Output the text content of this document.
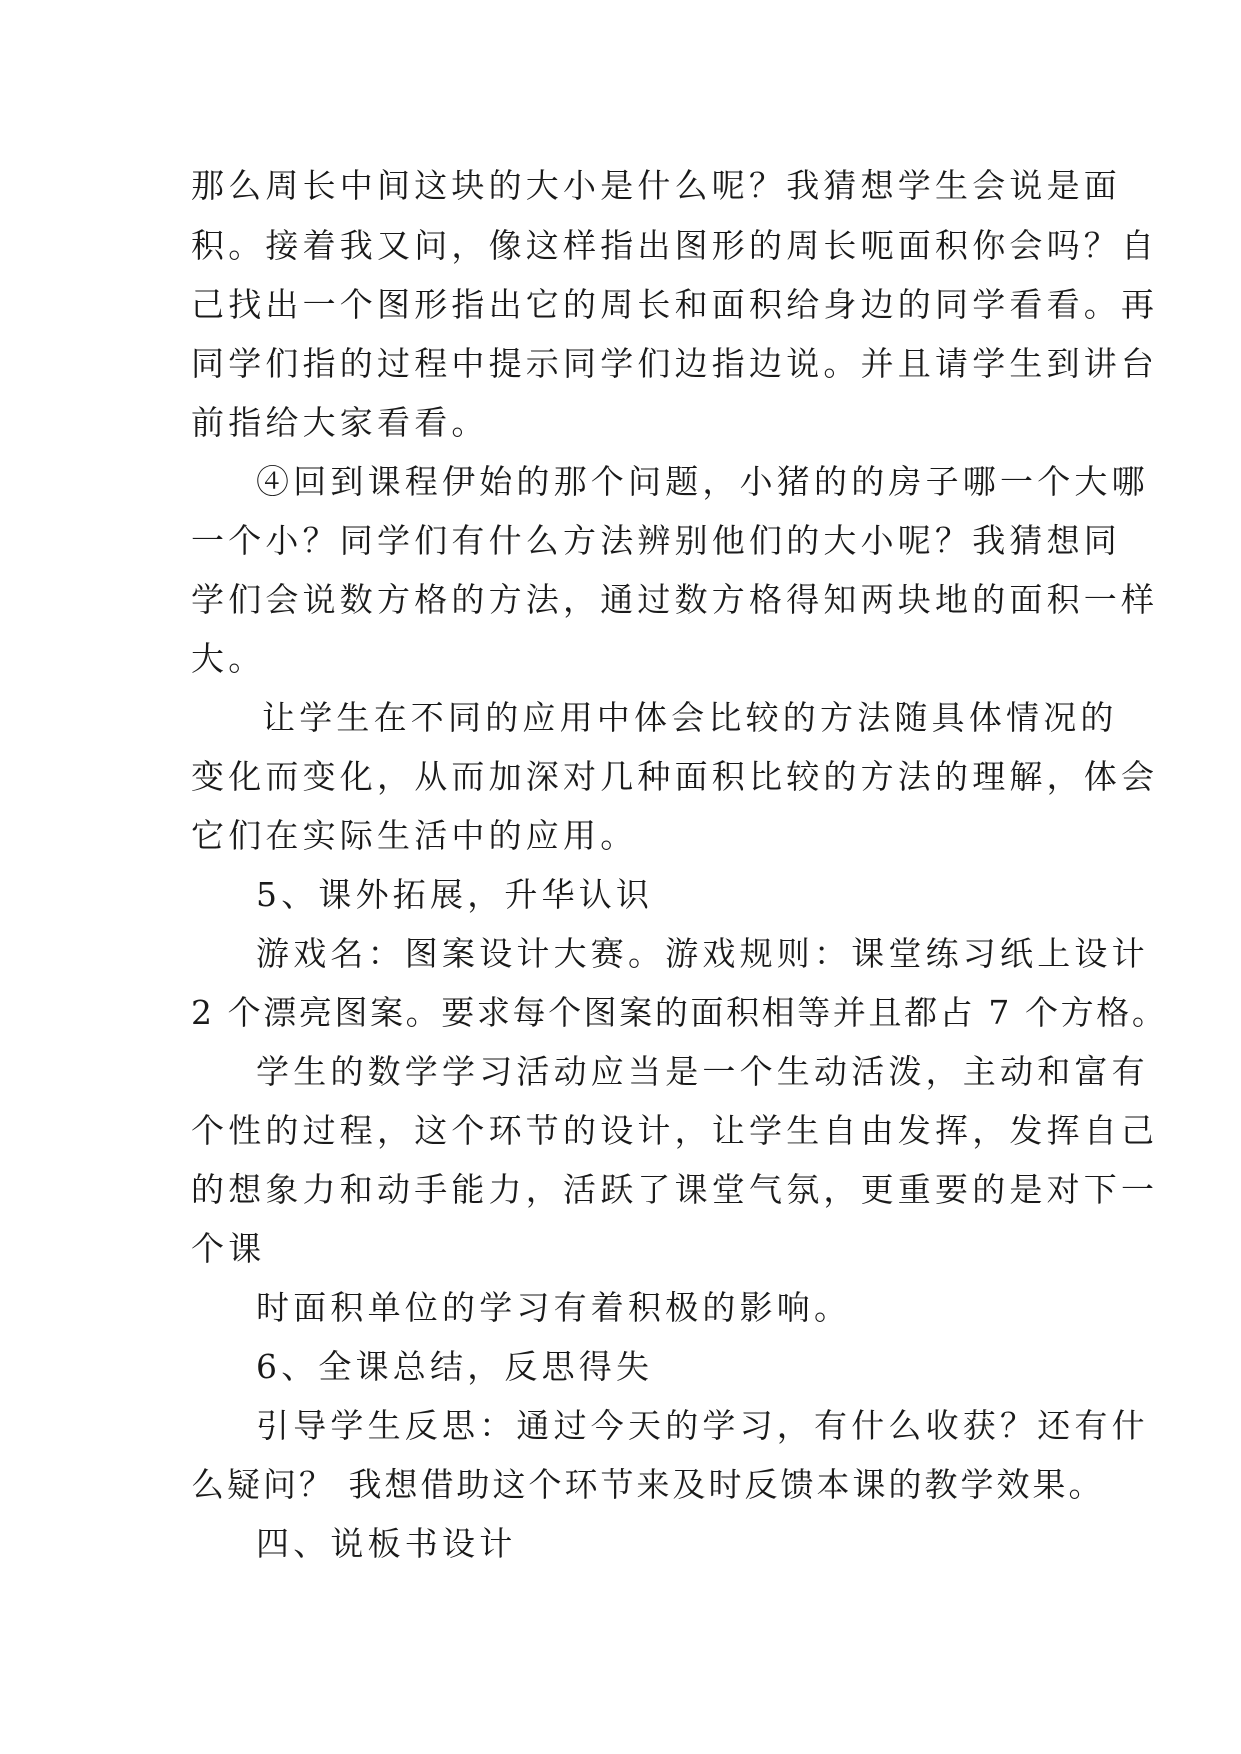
那么周长中间这块的大小是什么呢？我猜想学生会说是面
积。接着我又问，像这样指出图形的周长呃面积你会吗？自
己找出一个图形指出它的周长和面积给身边的同学看看。再
同学们指的过程中提示同学们边指边说。并且请学生到讲台
前指给大家看看。
④回到课程伊始的那个问题，小猪的的房子哪一个大哪
一个小？同学们有什么方法辨别他们的大小呢？我猜想同
学们会说数方格的方法，通过数方格得知两块地的面积一样
大。
让学生在不同的应用中体会比较的方法随具体情况的
变化而变化，从而加深对几种面积比较的方法的理解，体会
它们在实际生活中的应用。
5、课外拓展，升华认识
游戏名：图案设计大赛。游戏规则：课堂练习纸上设计
2 个漂亮图案。要求每个图案的面积相等并且都占 7 个方格。
学生的数学学习活动应当是一个生动活泼，主动和富有
个性的过程，这个环节的设计，让学生自由发挥，发挥自己
的想象力和动手能力，活跃了课堂气氛，更重要的是对下一
个课
时面积单位的学习有着积极的影响。
6、全课总结，反思得失
引导学生反思：通过今天的学习，有什么收获？还有什
么疑问？ 我想借助这个环节来及时反馈本课的教学效果。
四、说板书设计
